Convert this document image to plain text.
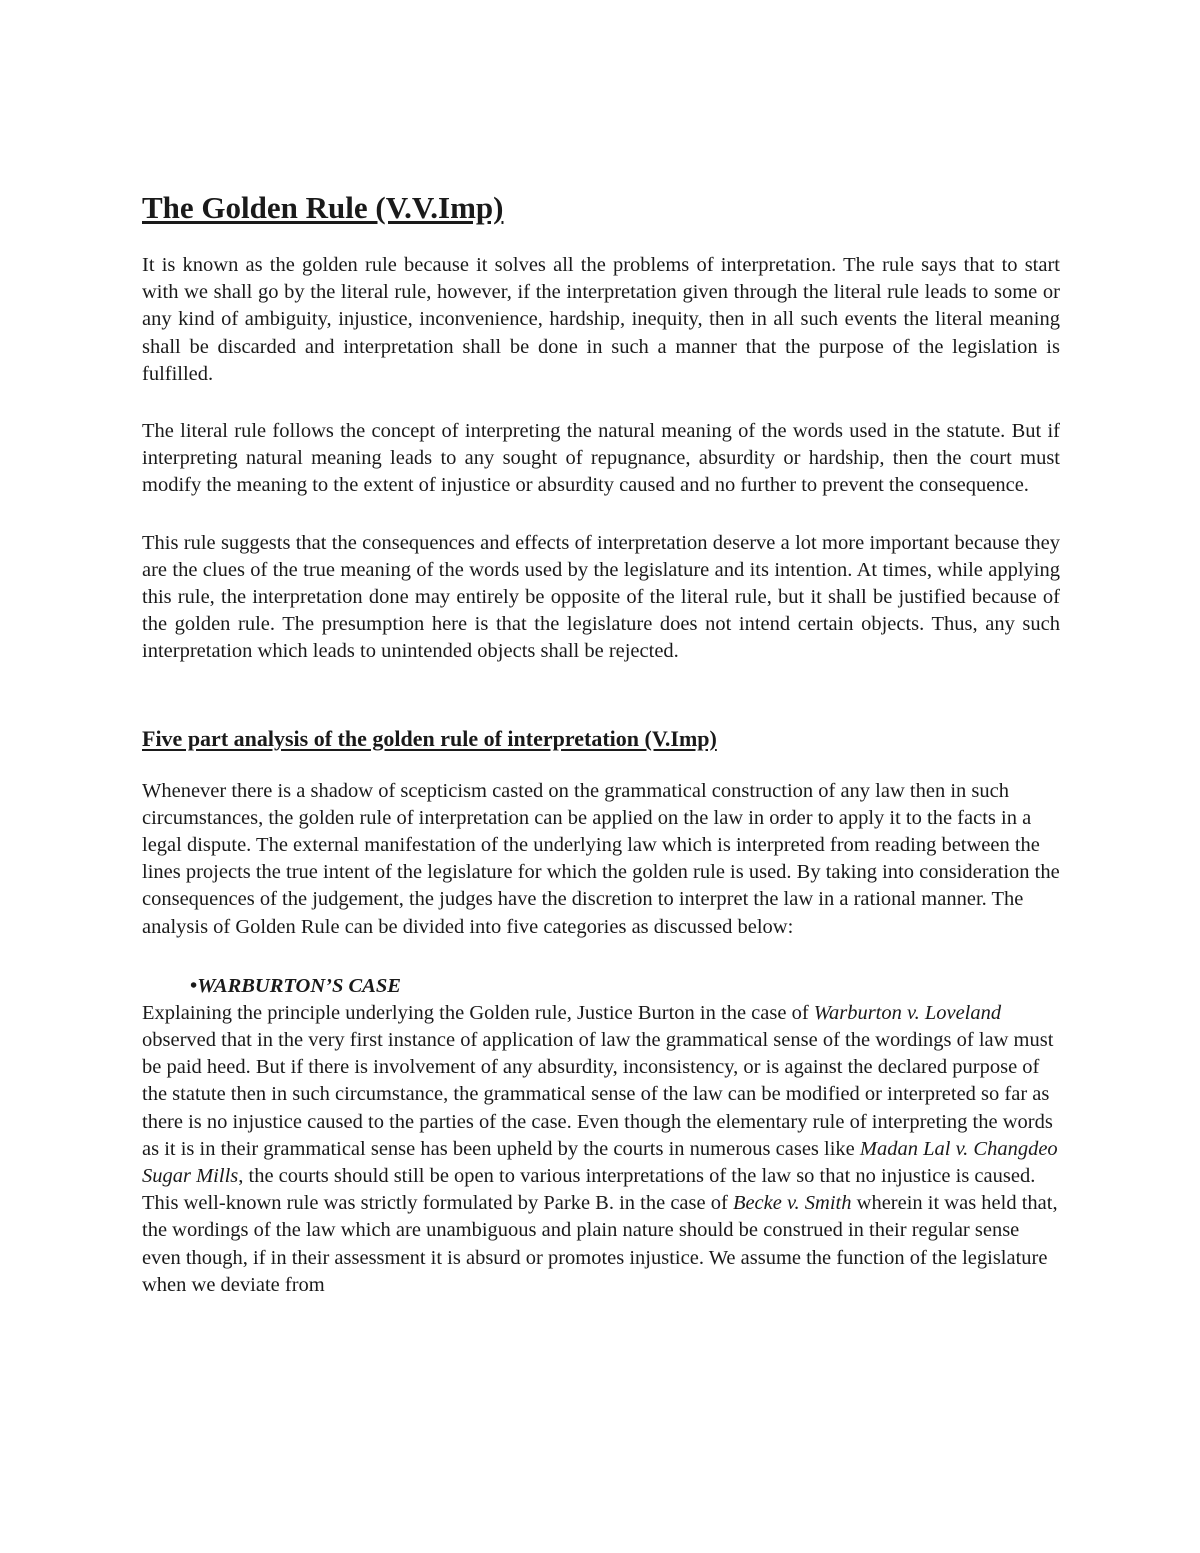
The Golden Rule (V.V.Imp)

It is known as the golden rule because it solves all the problems of interpretation. The rule says that to start with we shall go by the literal rule, however, if the interpretation given through the literal rule leads to some or any kind of ambiguity, injustice, inconvenience, hardship, inequity, then in all such events the literal meaning shall be discarded and interpretation shall be done in such a manner that the purpose of the legislation is fulfilled.

The literal rule follows the concept of interpreting the natural meaning of the words used in the statute. But if interpreting natural meaning leads to any sought of repugnance, absurdity or hardship, then the court must modify the meaning to the extent of injustice or absurdity caused and no further to prevent the consequence.

This rule suggests that the consequences and effects of interpretation deserve a lot more important because they are the clues of the true meaning of the words used by the legislature and its intention. At times, while applying this rule, the interpretation done may entirely be opposite of the literal rule, but it shall be justified because of the golden rule. The presumption here is that the legislature does not intend certain objects. Thus, any such interpretation which leads to unintended objects shall be rejected.

Five part analysis of the golden rule of interpretation (V.Imp)

Whenever there is a shadow of scepticism casted on the grammatical construction of any law then in such circumstances, the golden rule of interpretation can be applied on the law in order to apply it to the facts in a legal dispute. The external manifestation of the underlying law which is interpreted from reading between the lines projects the true intent of the legislature for which the golden rule is used. By taking into consideration the consequences of the judgement, the judges have the discretion to interpret the law in a rational manner. The analysis of Golden Rule can be divided into five categories as discussed below:

•WARBURTON’S CASE

Explaining the principle underlying the Golden rule, Justice Burton in the case of Warburton v. Loveland observed that in the very first instance of application of law the grammatical sense of the wordings of law must be paid heed. But if there is involvement of any absurdity, inconsistency, or is against the declared purpose of the statute then in such circumstance, the grammatical sense of the law can be modified or interpreted so far as there is no injustice caused to the parties of the case. Even though the elementary rule of interpreting the words as it is in their grammatical sense has been upheld by the courts in numerous cases like Madan Lal v. Changdeo Sugar Mills, the courts should still be open to various interpretations of the law so that no injustice is caused. This well-known rule was strictly formulated by Parke B. in the case of Becke v. Smith wherein it was held that, the wordings of the law which are unambiguous and plain nature should be construed in their regular sense even though, if in their assessment it is absurd or promotes injustice. We assume the function of the legislature when we deviate from
